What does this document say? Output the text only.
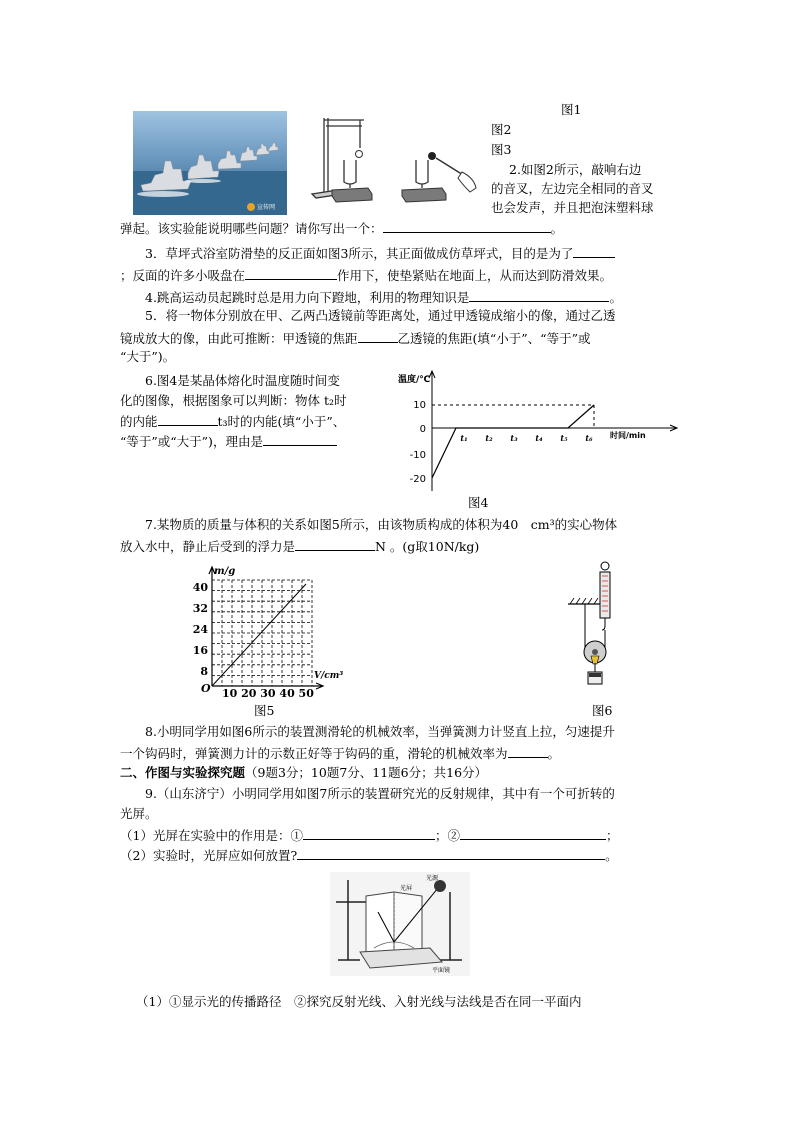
图1
图2
图3
宣传网
2.如图2所示，敲响右边
的音叉，左边完全相同的音叉
也会发声，并且把泡沫塑料球
弹起。该实验能说明哪些问题？请你写出一个：	。
3．草坪式浴室防滑垫的反正面如图3所示，其正面做成仿草坪式，目的是为了
；反面的许多小吸盘在	作用下，使垫紧贴在地面上，从而达到防滑效果。
4.跳高运动员起跳时总是用力向下蹬地，利用的物理知识是	。
5．将一物体分别放在甲、乙两凸透镜前等距离处，通过甲透镜成缩小的像，通过乙透
镜成放大的像，由此可推断：甲透镜的焦距	乙透镜的焦距(填“小于”、“等于”或
“大于”)。
6.图4是某晶体熔化时温度随时间变
化的图像，根据图象可以判断：物体 t₂时
的内能	t₃时的内能(填“小于”、
“等于”或“大于”)，理由是
10
0
-10
-20
t₁ t₂ t₃ t₄ t₅ t₆
温度/℃
时间/min
图4
7.某物质的质量与体积的关系如图5所示，由该物质构成的体积为40　cm³的实心物体
放入水中，静止后受到的浮力是	N 。(g取10N/kg)
40
32
24
16
8
O 10 20 30 40 50
m/g
V/cm³
图5	图6
8.小明同学用如图6所示的装置测滑轮的机械效率，当弹簧测力计竖直上拉，匀速提升
一个钩码时，弹簧测力计的示数正好等于钩码的重，滑轮的机械效率为	。
二、作图与实验探究题（9题3分；10题7分、11题6分；共16分）
9.（山东济宁）小明同学用如图7所示的装置研究光的反射规律，其中有一个可折转的
光屏。
（1）光屏在实验中的作用是：①	；②	；
（2）实验时，光屏应如何放置?	。
光屏
光源
平面镜
（1）①显示光的传播路径　②探究反射光线、入射光线与法线是否在同一平面内
